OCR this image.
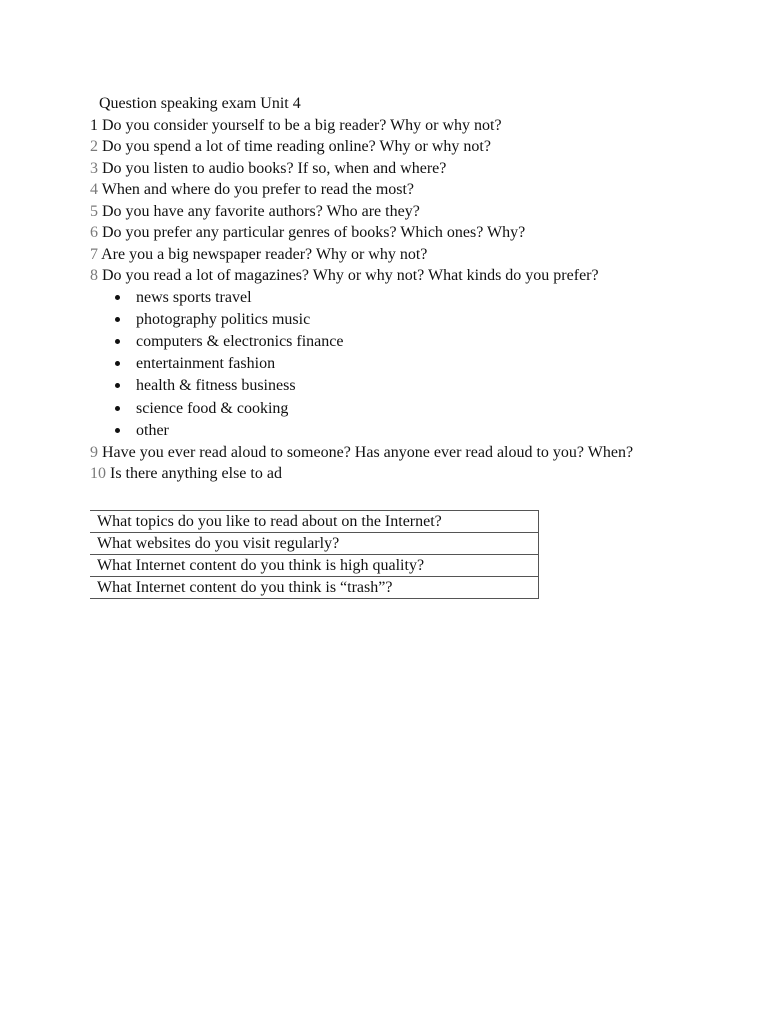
Question speaking exam Unit 4
1 Do you consider yourself to be a big reader? Why or why not?
2 Do you spend a lot of time reading online? Why or why not?
3 Do you listen to audio books? If so, when and where?
4 When and where do you prefer to read the most?
5 Do you have any favorite authors? Who are they?
6 Do you prefer any particular genres of books? Which ones? Why?
7 Are you a big newspaper reader? Why or why not?
8 Do you read a lot of magazines? Why or why not? What kinds do you prefer?
news sports travel
photography politics music
computers & electronics finance
entertainment fashion
health & fitness business
science food & cooking
other
9 Have you ever read aloud to someone? Has anyone ever read aloud to you? When?
10 Is there anything else to ad
What topics do you like to read about on the Internet?
What websites do you visit regularly?
What Internet content do you think is high quality?
What Internet content do you think is “trash”?
